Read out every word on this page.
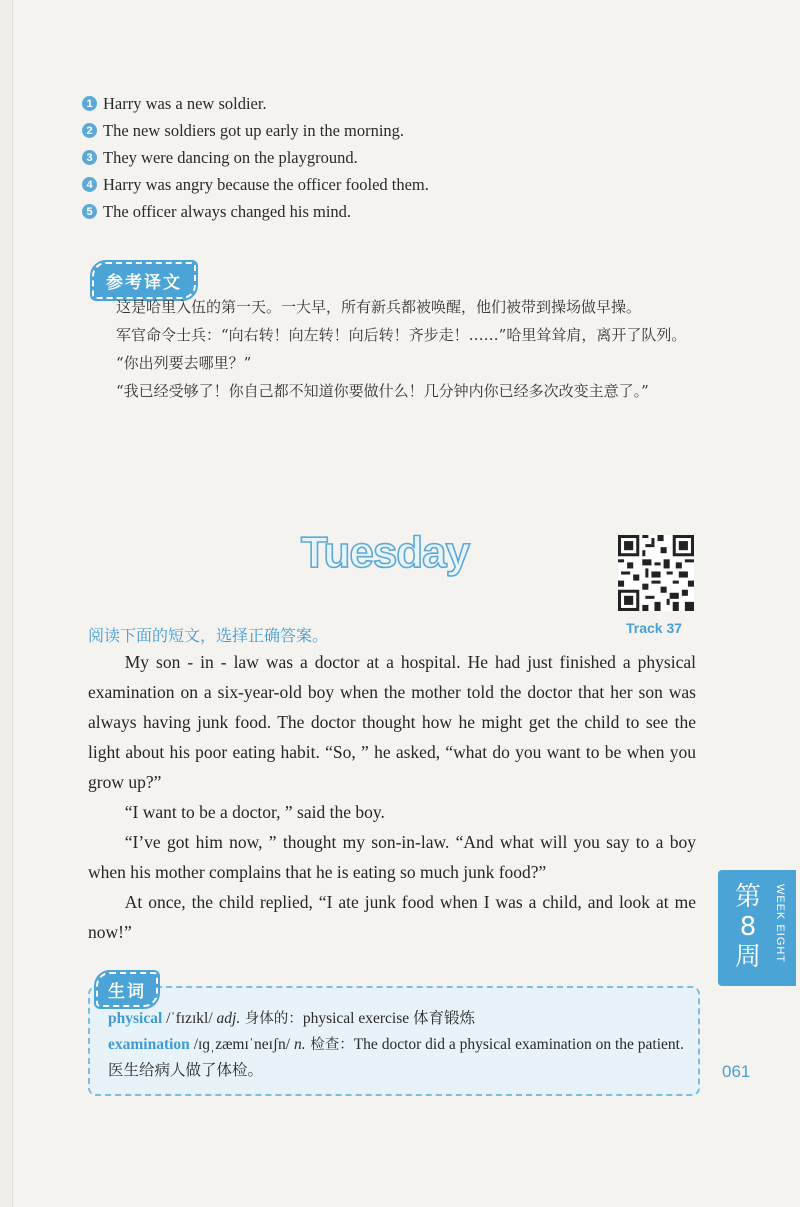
1 Harry was a new soldier.
2 The new soldiers got up early in the morning.
3 They were dancing on the playground.
4 Harry was angry because the officer fooled them.
5 The officer always changed his mind.
参考译文

这是哈里入伍的第一天。一大早，所有新兵都被唤醒，他们被带到操场做早操。

军官命令士兵：“向右转！向左转！向后转！齐步走！……”哈里耸耸肩，离开了队列。

“你出列要去哪里？”

“我已经受够了！你自己都不知道你要做什么！几分钟内你已经多次改变主意了。”

Tuesday
Track 37
阅读下面的短文，选择正确答案。

My son - in - law was a doctor at a hospital. He had just finished a physical examination on a six-year-old boy when the mother told the doctor that her son was always having junk food. The doctor thought how he might get the child to see the light about his poor eating habit. “So, ” he asked, “what do you want to be when you grow up?”

“I want to be a doctor, ” said the boy.

“I’ve got him now, ” thought my son-in-law. “And what will you say to a boy when his mother complains that he is eating so much junk food?”

At once, the child replied, “I ate junk food when I was a child, and look at me now!”

第
8
周	WEEK EIGHT
061
生词

physical /ˈfɪzɪkl/ adj. 身体的：physical exercise 体育锻炼

examination /ɪɡˌzæmɪˈneɪʃn/ n. 检查：The doctor did a physical examination on the patient. 医生给病人做了体检。
